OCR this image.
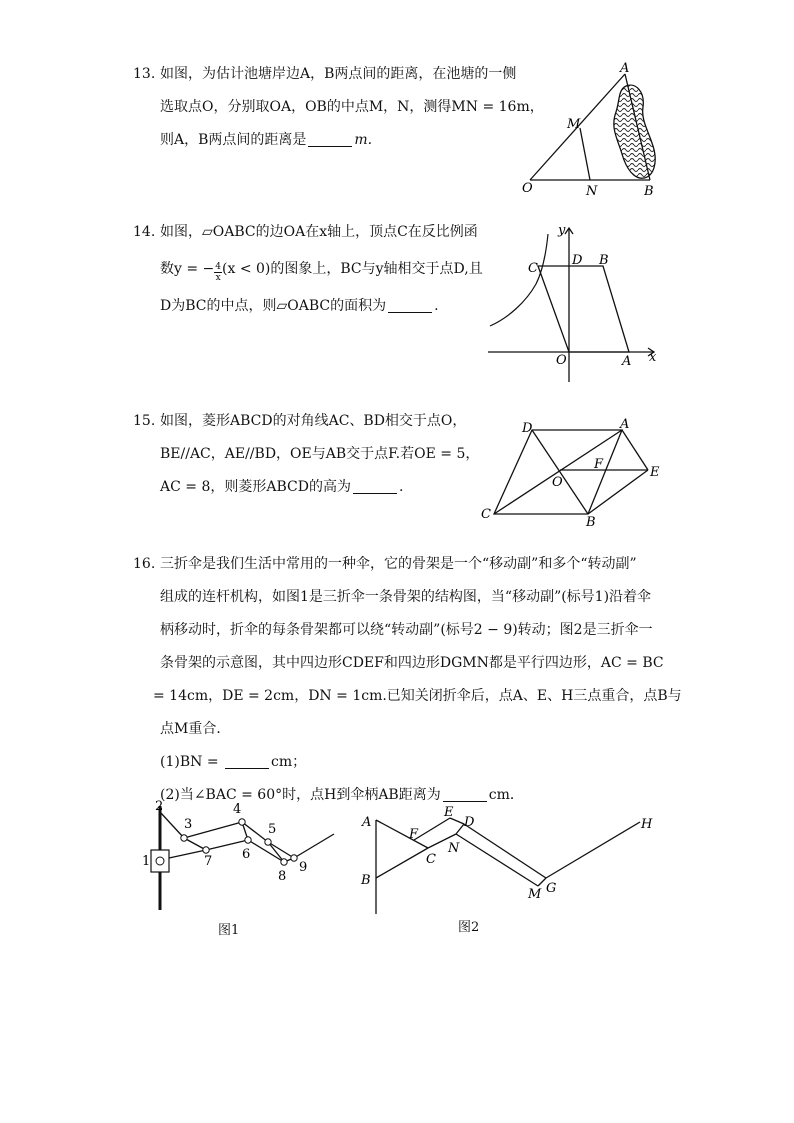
13. 如图，为估计池塘岸边A，B两点间的距离，在池塘的一侧
选取点O，分别取OA，OB的中点M，N，测得MN = 16m，
则A，B两点间的距离是	m.
A
M
O	N	B
14. 如图，▱OABC的边OA在x轴上，顶点C在反比例函
数y = − $\frac{4}{x} (x < 0)$的图象上，BC与y轴相交于点D,且
D为BC的中点，则▱OABC的面积为	.
y
C
D B
O	A x
15. 如图，菱形ABCD的对角线AC、BD相交于点O，
BE//AC，AE//BD，OE与AB交于点F.若OE = 5，
AC = 8，则菱形ABCD的高为	.
D	A
F
E
O
C
B
16. 三折伞是我们生活中常用的一种伞，它的骨架是一个“移动副”和多个“转动副”
组成的连杆机构，如图1是三折伞一条骨架的结构图，当“移动副”(标号1)沿着伞
柄移动时，折伞的每条骨架都可以绕“转动副”(标号2 − 9)转动；图2是三折伞一
条骨架的示意图，其中四边形CDEF和四边形DGMN都是平行四边形，AC = BC
= 14cm，DE = 2cm，DN = 1cm.已知关闭折伞后，点A、E、H三点重合，点B与
点M重合．
(1)BN =	cm；
(2)当∠BAC = 60°时，点H到伞柄AB距离为	cm．
1
2
3
4
5
6
7
8
9
图1
A
E
D
F
N
C
B
M G
H
图2
